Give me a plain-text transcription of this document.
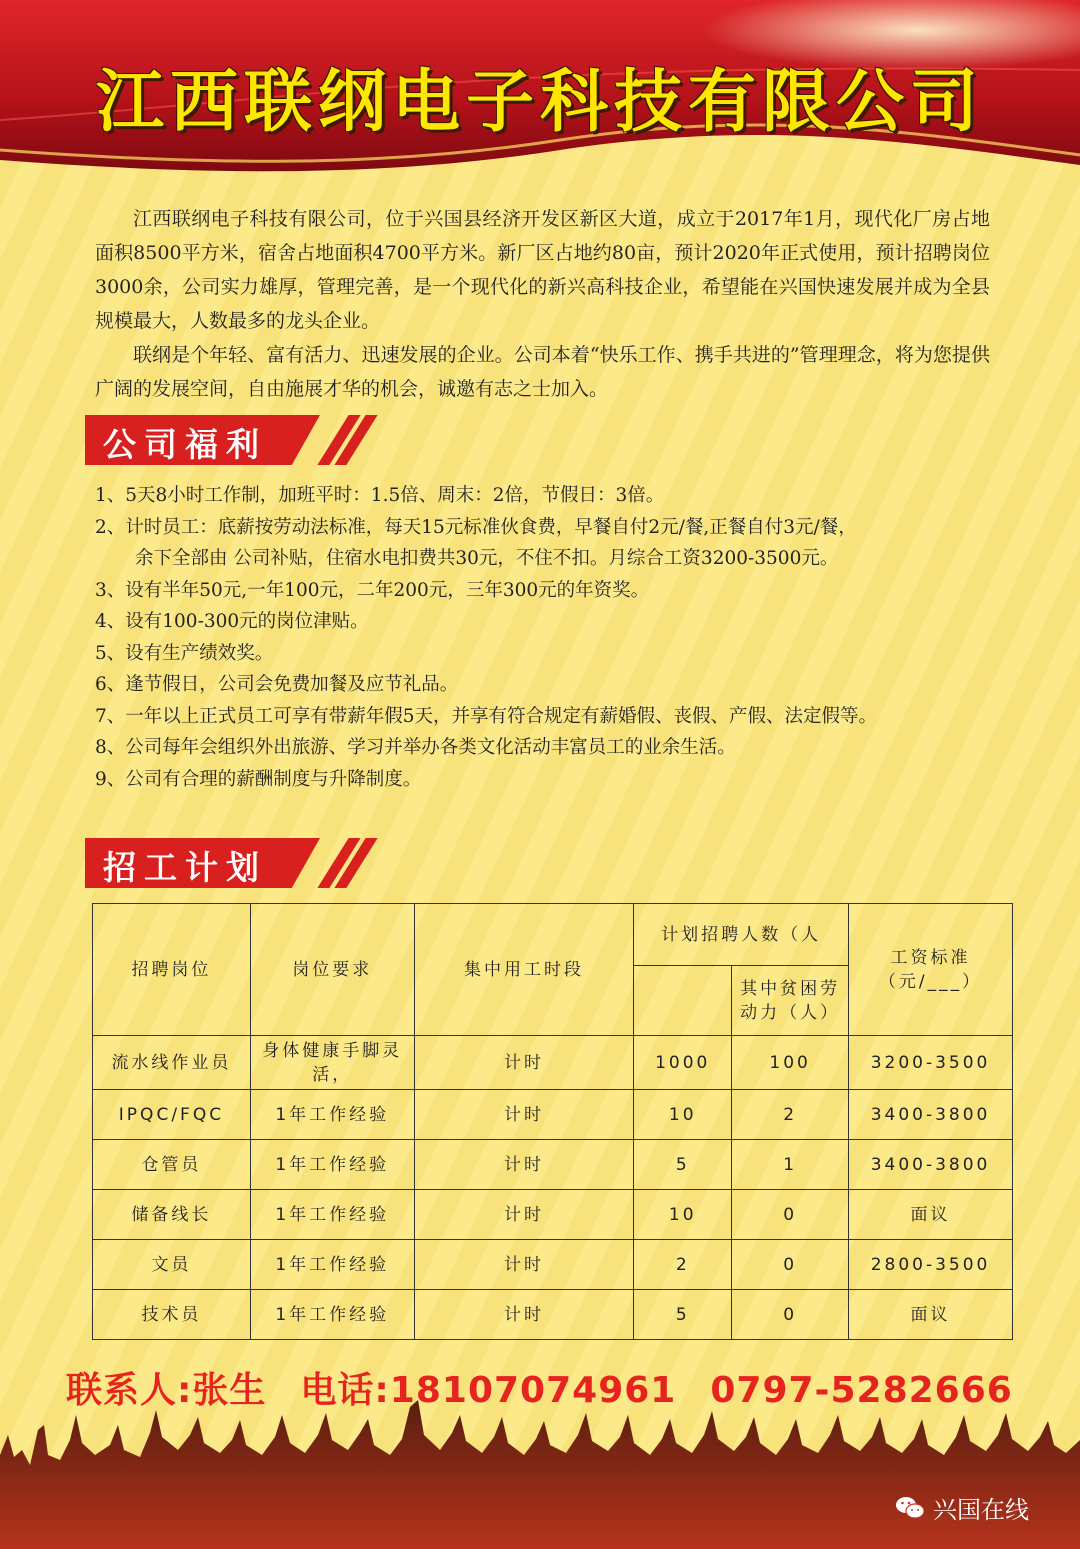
江西联纲电子科技有限公司

江西联纲电子科技有限公司，位于兴国县经济开发区新区大道，成立于2017年1月，现代化厂房占地面积8500平方米，宿舍占地面积4700平方米。新厂区占地约80亩，预计2020年正式使用，预计招聘岗位3000余，公司实力雄厚，管理完善，是一个现代化的新兴高科技企业，希望能在兴国快速发展并成为全县规模最大，人数最多的龙头企业。

联纲是个年轻、富有活力、迅速发展的企业。公司本着“快乐工作、携手共进的”管理理念，将为您提供广阔的发展空间，自由施展才华的机会，诚邀有志之士加入。

公司福利
1、5天8小时工作制，加班平时：1.5倍、周末：2倍，节假日：3倍。
2、计时员工：底薪按劳动法标准，每天15元标准伙食费，早餐自付2元/餐,正餐自付3元/餐，
余下全部由 公司补贴，住宿水电扣费共30元，不住不扣。月综合工资3200-3500元。
3、设有半年50元,一年100元，二年200元，三年300元的年资奖。
4、设有100-300元的岗位津贴。
5、设有生产绩效奖。
6、逢节假日，公司会免费加餐及应节礼品。
7、一年以上正式员工可享有带薪年假5天，并享有符合规定有薪婚假、丧假、产假、法定假等。
8、公司每年会组织外出旅游、学习并举办各类文化活动丰富员工的业余生活。
9、公司有合理的薪酬制度与升降制度。
招工计划
招聘岗位	岗位要求	集中用工时段	计划招聘人数（人		工资标准（元/___）
				其中贫困劳动力（人）	
流水线作业员	身体健康手脚灵活，	计时	1000	100	3200-3500
IPQC/FQC	1年工作经验	计时	10	2	3400-3800
仓管员	1年工作经验	计时	5	1	3400-3800
储备线长	1年工作经验	计时	10	0	面议
文员	1年工作经验	计时	2	0	2800-3500
技术员	1年工作经验	计时	5	0	面议
联系人:张生 电话:18107074961 0797-5282666
兴国在线
